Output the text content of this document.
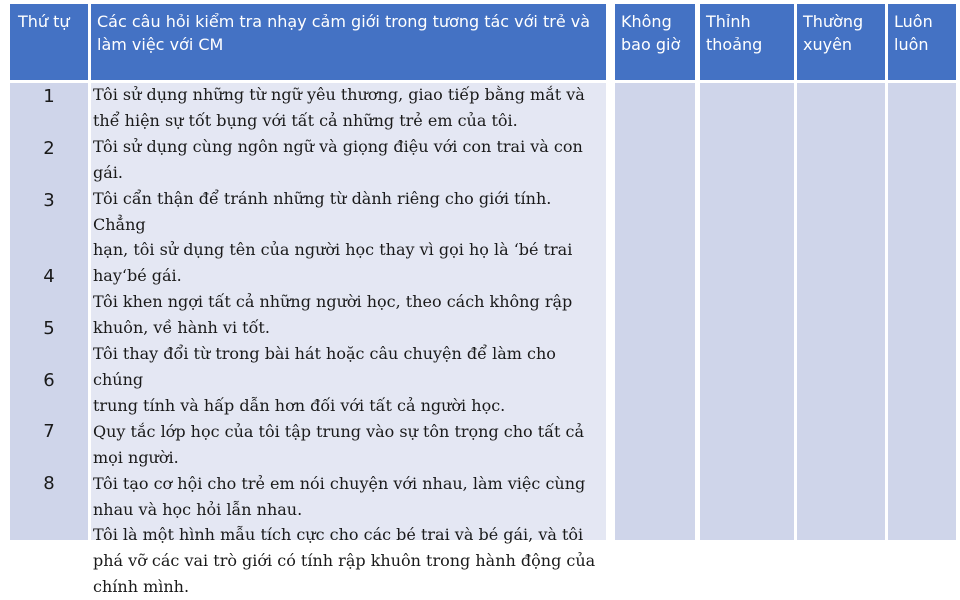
Thứ tự	Các câu hỏi kiểm tra nhạy cảm giới trong tương tác với trẻ và làm việc với CM
Không bao giờ
Thỉnh thoảng
Thường xuyên
Luôn luôn
1
2
3
4
5
6
7
8
Tôi sử dụng những từ ngữ yêu thương, giao tiếp bằng mắt và
thể hiện sự tốt bụng với tất cả những trẻ em của tôi.
Tôi sử dụng cùng ngôn ngữ và giọng điệu với con trai và con
gái.
Tôi cẩn thận để tránh những từ dành riêng cho giới tính. Chẳng
hạn, tôi sử dụng tên của người học thay vì gọi họ là ‘bé trai
hay‘bé gái.
Tôi khen ngợi tất cả những người học, theo cách không rập
khuôn, về hành vi tốt.
Tôi thay đổi từ trong bài hát hoặc câu chuyện để làm cho chúng
trung tính và hấp dẫn hơn đối với tất cả người học.
Quy tắc lớp học của tôi tập trung vào sự tôn trọng cho tất cả
mọi người.
Tôi tạo cơ hội cho trẻ em nói chuyện với nhau, làm việc cùng
nhau và học hỏi lẫn nhau.
Tôi là một hình mẫu tích cực cho các bé trai và bé gái, và tôi
phá vỡ các vai trò giới có tính rập khuôn trong hành động của
chính mình.
